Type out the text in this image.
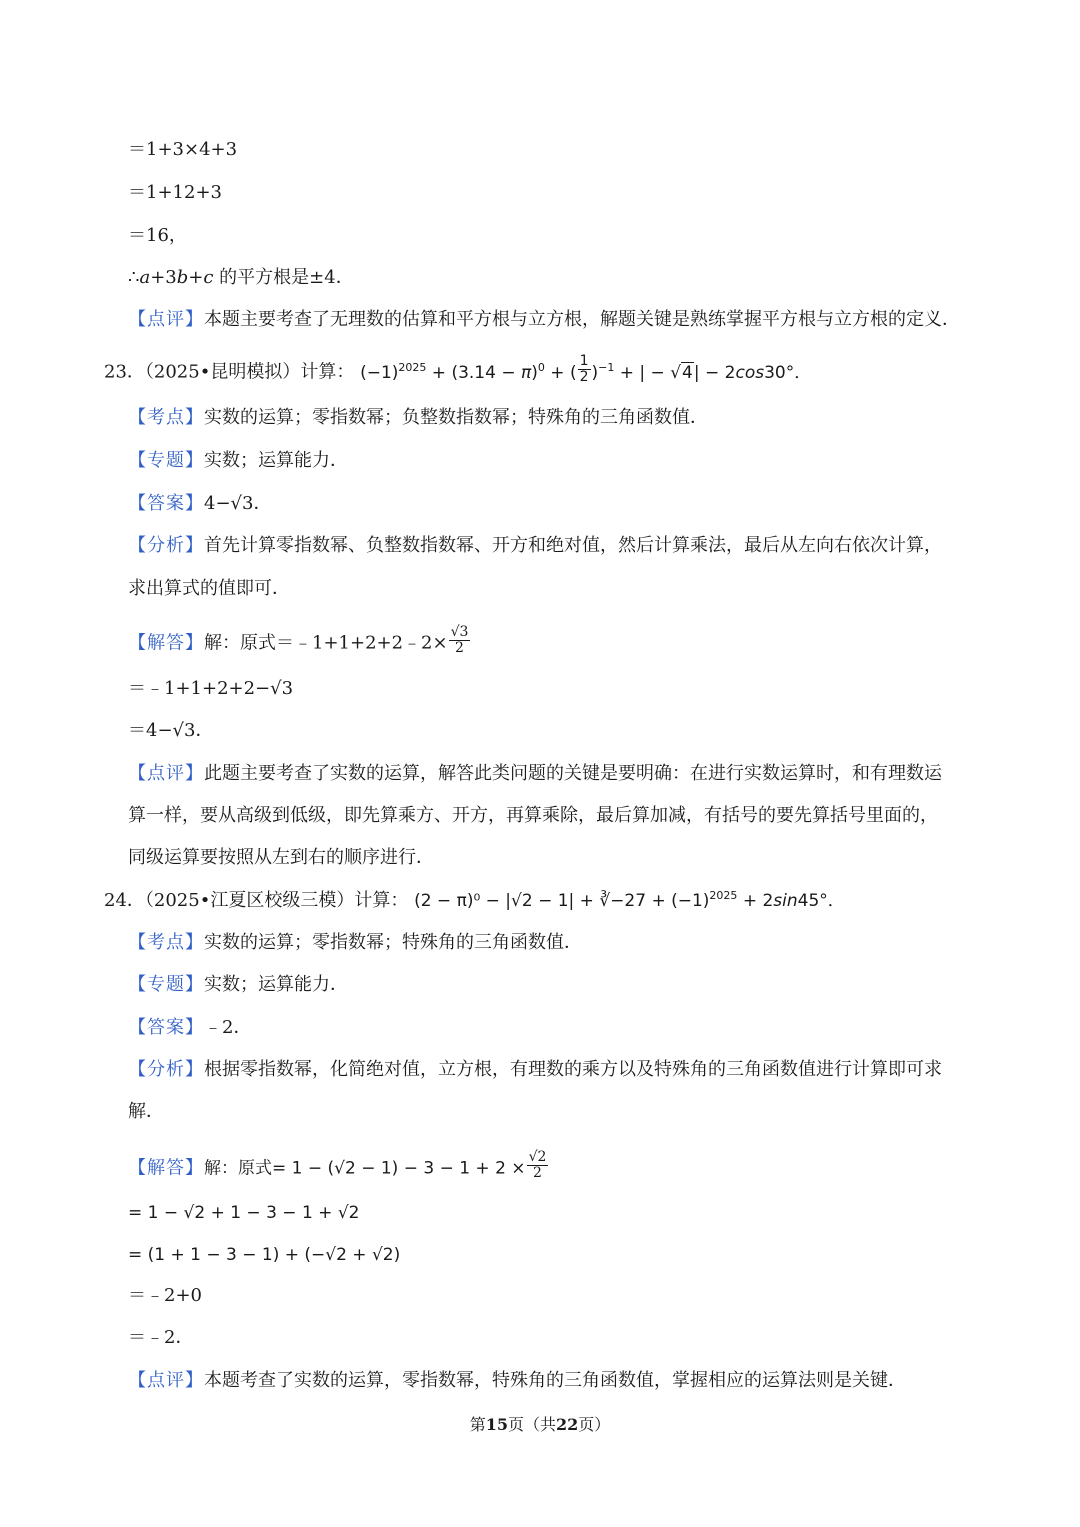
＝1+3×4+3
＝1+12+3
＝16，
∴a+3b+c 的平方根是±4．
【点评】本题主要考查了无理数的估算和平方根与立方根，解题关键是熟练掌握平方根与立方根的定义．
23．（2025•昆明模拟）计算： $(-1)^{2025} + (3.14 - \pi)^0$ + ( $\frac{1}{2} )^{-1}$ + | − √4| − 2cos30°．
【考点】实数的运算；零指数幂；负整数指数幂；特殊角的三角函数值．
【专题】实数；运算能力．
【答案】4−√3．
【分析】首先计算零指数幂、负整数指数幂、开方和绝对值，然后计算乘法，最后从左向右依次计算，
求出算式的值即可．
【解答】解：原式＝﹣1+1+2+2﹣2× $\frac{√3}{2}$
＝﹣1+1+2+2−√3
＝4−√3．
【点评】此题主要考查了实数的运算，解答此类问题的关键是要明确：在进行实数运算时，和有理数运
算一样，要从高级到低级，即先算乘方、开方，再算乘除，最后算加减，有括号的要先算括号里面的，
同级运算要按照从左到右的顺序进行．
24．（2025•江夏区校级三模）计算： (2 − π)⁰ − |√2 − 1| + ∛−27 + $(-1)^{2025} + 2\sin 45^\circ$．
【考点】实数的运算；零指数幂；特殊角的三角函数值．
【专题】实数；运算能力．
【答案】﹣2．
【分析】根据零指数幂，化简绝对值，立方根，有理数的乘方以及特殊角的三角函数值进行计算即可求
解．
【解答】解：原式= $1 - (√2 - 1) - 3 - 1 + 2 \times \frac{√2}{2}$
= 1 − √2 + 1 − 3 − 1 + √2
= (1 + 1 − 3 − 1) + (−√2 + √2)
＝﹣2+0
＝﹣2．
【点评】本题考查了实数的运算，零指数幂，特殊角的三角函数值，掌握相应的运算法则是关键．
第15页（共22页）
